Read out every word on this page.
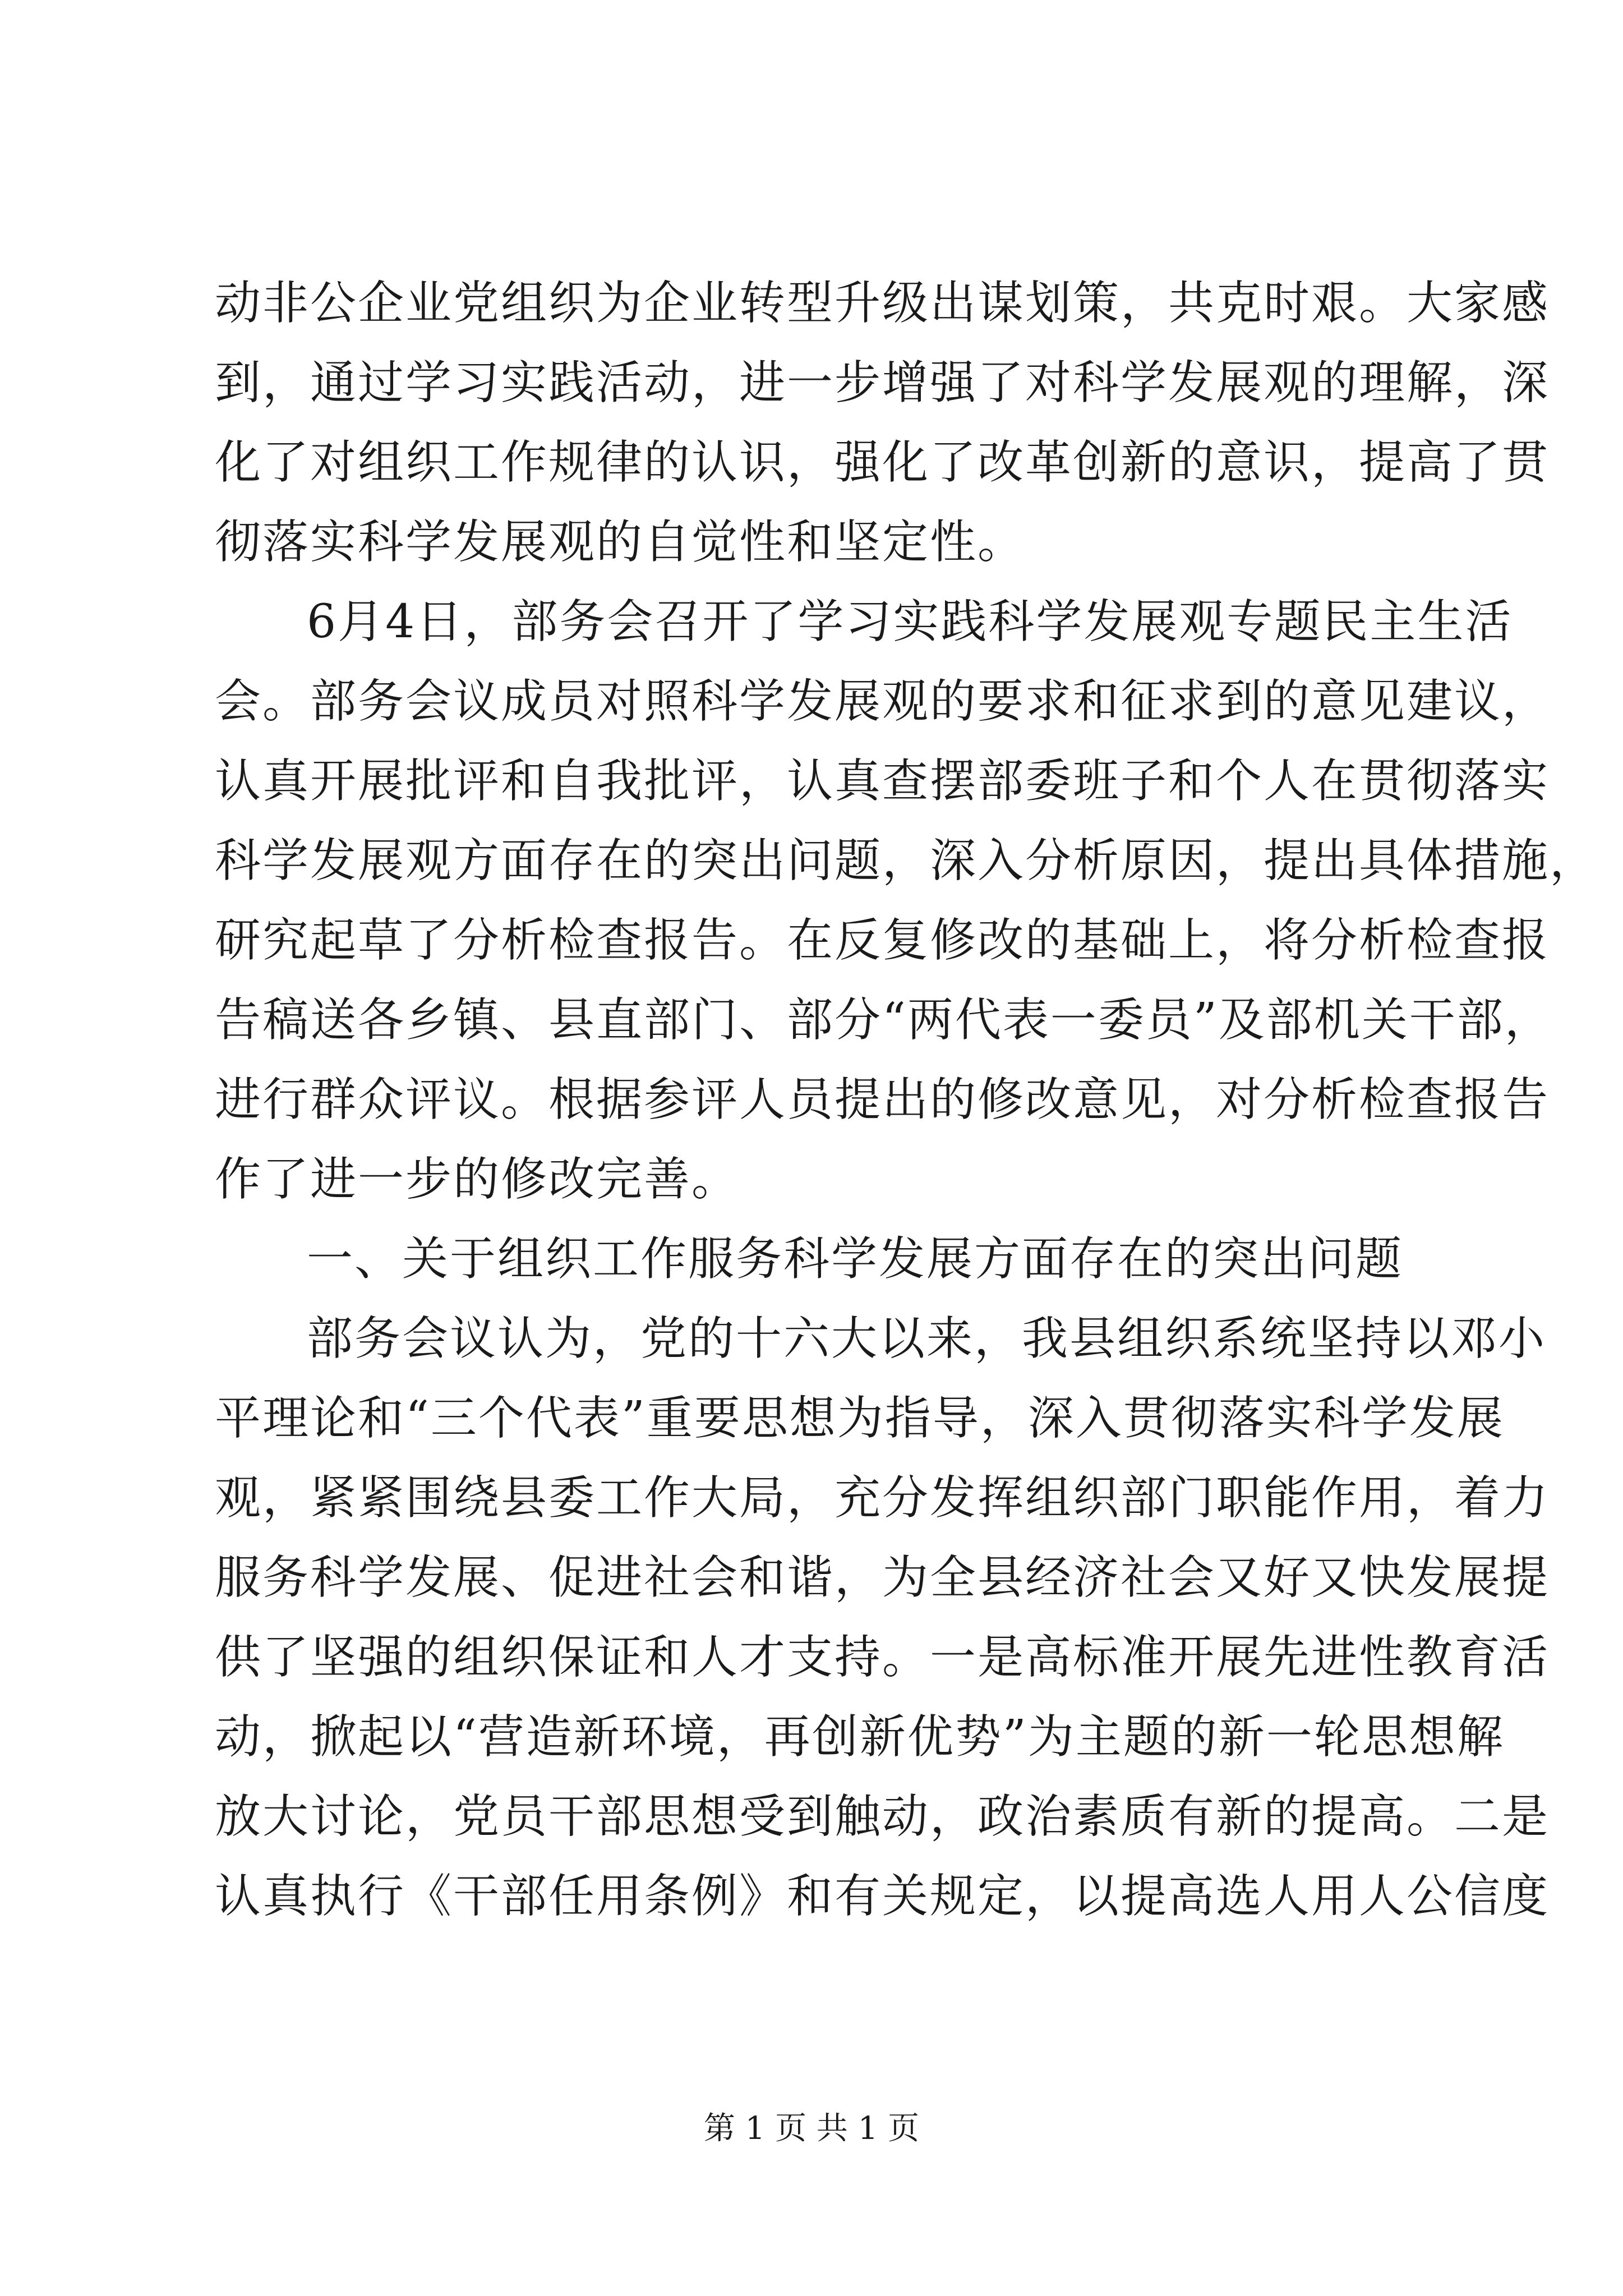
动非公企业党组织为企业转型升级出谋划策，共克时艰。大家感
到，通过学习实践活动，进一步增强了对科学发展观的理解，深
化了对组织工作规律的认识，强化了改革创新的意识，提高了贯
彻落实科学发展观的自觉性和坚定性。
6月4日，部务会召开了学习实践科学发展观专题民主生活
会。部务会议成员对照科学发展观的要求和征求到的意见建议，
认真开展批评和自我批评，认真查摆部委班子和个人在贯彻落实
科学发展观方面存在的突出问题，深入分析原因，提出具体措施，
研究起草了分析检查报告。在反复修改的基础上，将分析检查报
告稿送各乡镇、县直部门、部分“两代表一委员”及部机关干部，
进行群众评议。根据参评人员提出的修改意见，对分析检查报告
作了进一步的修改完善。
一、关于组织工作服务科学发展方面存在的突出问题
部务会议认为，党的十六大以来，我县组织系统坚持以邓小
平理论和“三个代表”重要思想为指导，深入贯彻落实科学发展
观，紧紧围绕县委工作大局，充分发挥组织部门职能作用，着力
服务科学发展、促进社会和谐，为全县经济社会又好又快发展提
供了坚强的组织保证和人才支持。一是高标准开展先进性教育活
动，掀起以“营造新环境，再创新优势”为主题的新一轮思想解
放大讨论，党员干部思想受到触动，政治素质有新的提高。二是
认真执行《干部任用条例》和有关规定，以提高选人用人公信度
第 1 页 共 1 页
